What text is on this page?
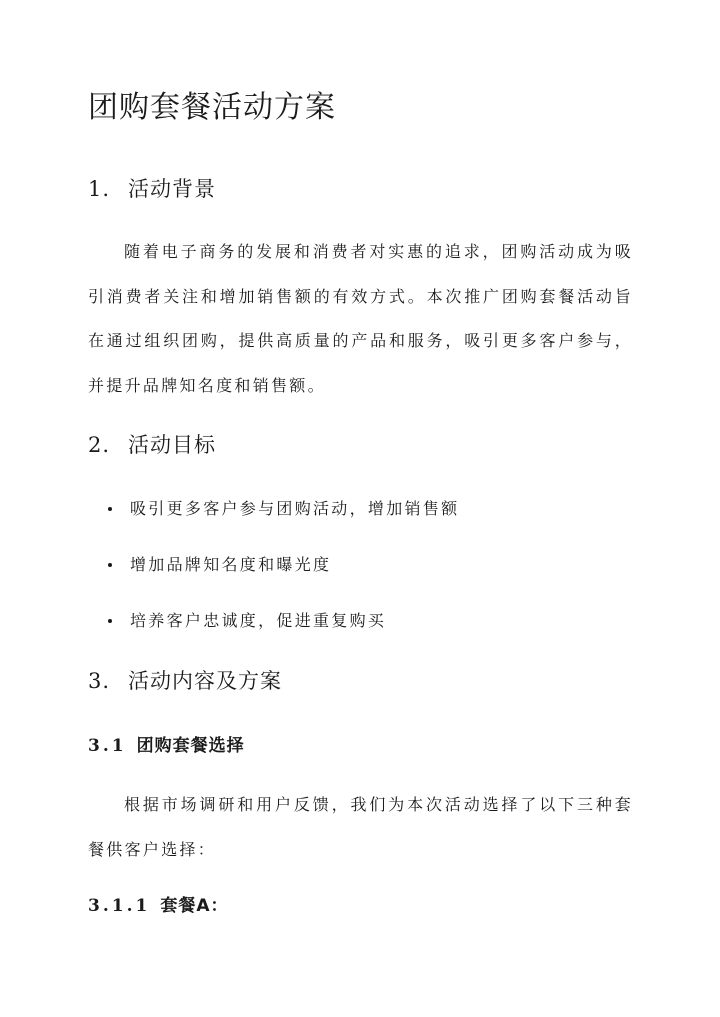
团购套餐活动方案
1. 活动背景

随着电子商务的发展和消费者对实惠的追求，团购活动成为吸引消费者关注和增加销售额的有效方式。本次推广团购套餐活动旨在通过组织团购，提供高质量的产品和服务，吸引更多客户参与，并提升品牌知名度和销售额。

2. 活动目标
吸引更多客户参与团购活动，增加销售额
增加品牌知名度和曝光度
培养客户忠诚度，促进重复购买
3. 活动内容及方案
3.1 团购套餐选择

根据市场调研和用户反馈，我们为本次活动选择了以下三种套餐供客户选择：

3.1.1 套餐A：
